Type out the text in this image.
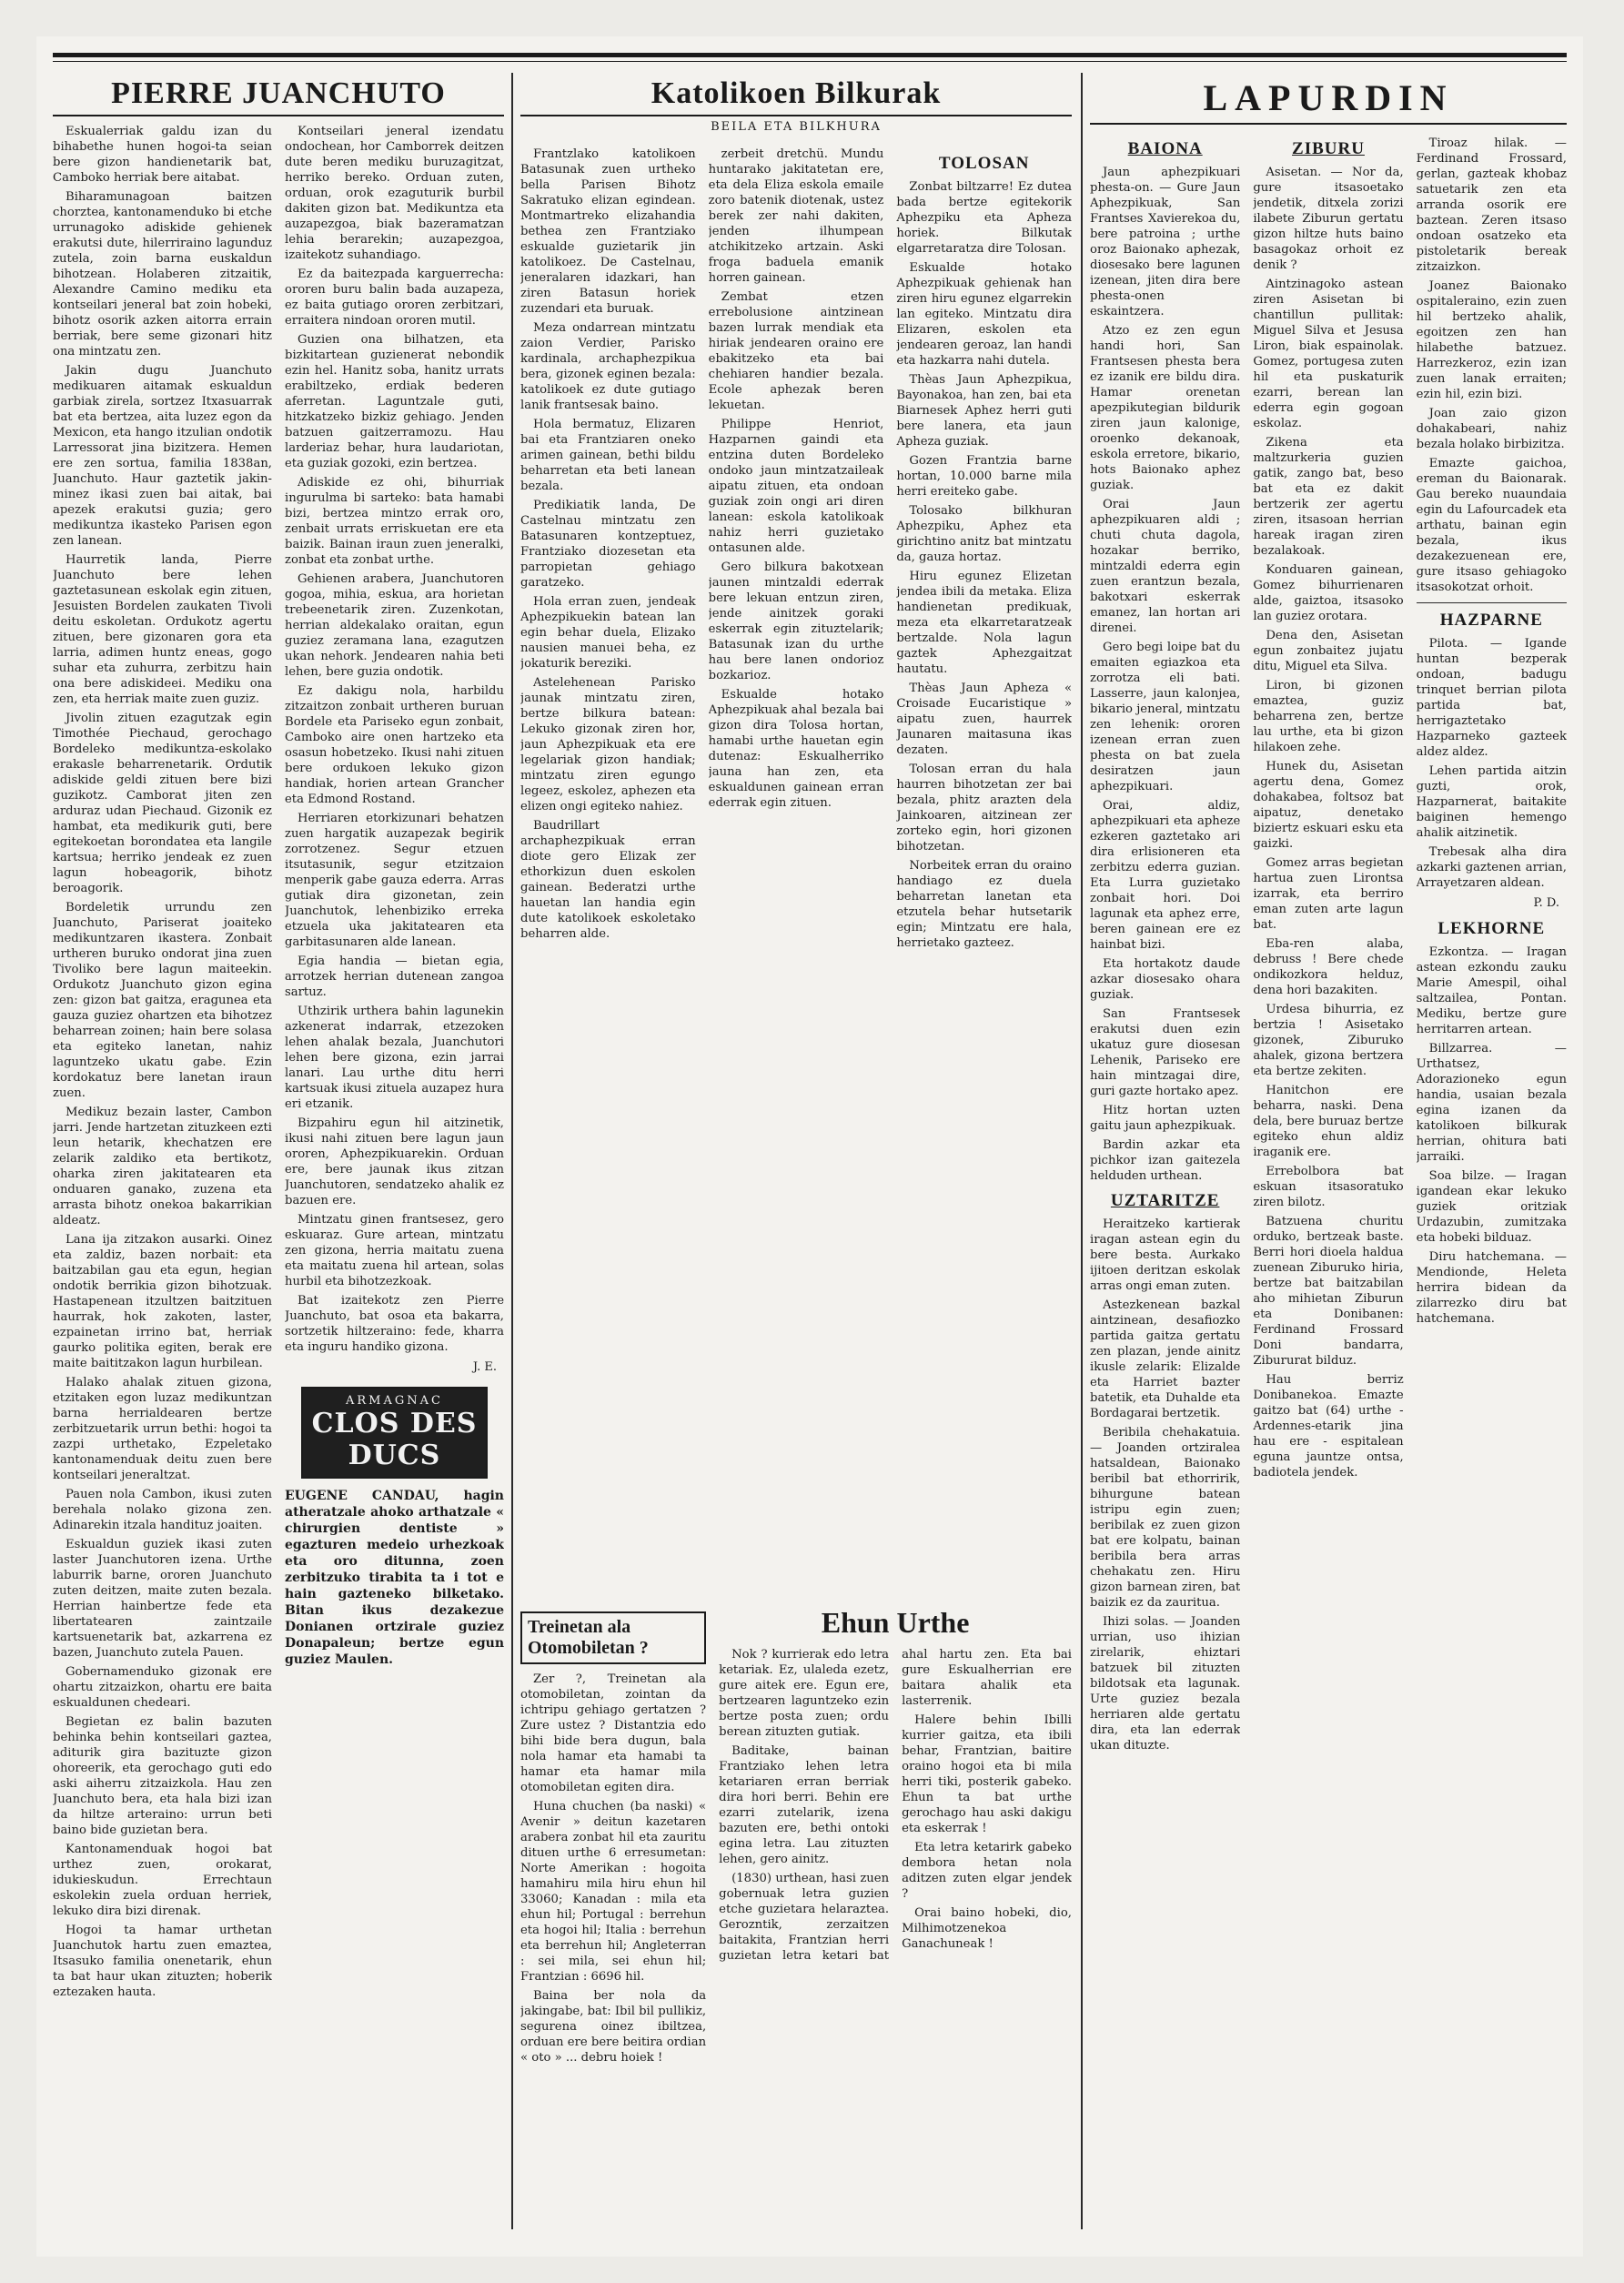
PIERRE JUANCHUTO

Eskualerriak galdu izan du bihabethe hunen hogoi-ta seian bere gizon handienetarik bat, Camboko herriak bere aitabat.

Biharamunagoan baitzen chorztea, kantonamenduko bi etche urrunagoko adiskide gehienek erakutsi dute, hilerriraino lagunduz zutela, zoin barna euskaldun bihotzean. Holaberen zitzaitik, Alexandre Camino mediku eta kontseilari jeneral bat zoin hobeki, bihotz osorik azken aitorra errain berriak, bere seme gizonari hitz ona mintzatu zen.

Jakin dugu Juanchuto medikuaren aitamak eskualdun garbiak zirela, sortzez Itxasuarrak bat eta bertzea, aita luzez egon da Mexicon, eta hango itzulian ondotik Larressorat jina bizitzera. Hemen ere zen sortua, familia 1838an, Juanchuto. Haur gaztetik jakin-minez ikasi zuen bai aitak, bai apezek erakutsi guzia; gero medikuntza ikasteko Parisen egon zen lanean.

Haurretik landa, Pierre Juanchuto bere lehen gaztetasunean eskolak egin zituen, Jesuisten Bordelen zaukaten Tivoli deitu eskoletan. Ordukotz agertu zituen, bere gizonaren gora eta larria, adimen huntz eneas, gogo suhar eta zuhurra, zerbitzu hain ona bere adiskideei. Mediku ona zen, eta herriak maite zuen guziz.

Jivolin zituen ezagutzak egin Timothée Piechaud, gerochago Bordeleko medikuntza-eskolako erakasle beharrenetarik. Ordutik adiskide geldi zituen bere bizi guzikotz. Camborat jiten zen arduraz udan Piechaud. Gizonik ez hambat, eta medikurik guti, bere egitekoetan borondatea eta langile kartsua; herriko jendeak ez zuen lagun hobeagorik, bihotz beroagorik.

Bordeletik urrundu zen Juanchuto, Pariserat joaiteko medikuntzaren ikastera. Zonbait urtheren buruko ondorat jina zuen Tivoliko bere lagun maiteekin. Ordukotz Juanchuto gizon egina zen: gizon bat gaitza, eragunea eta gauza guziez ohartzen eta bihotzez beharrean zoinen; hain bere solasa eta egiteko lanetan, nahiz laguntzeko ukatu gabe. Ezin kordokatuz bere lanetan iraun zuen.

Medikuz bezain laster, Cambon jarri. Jende hartzetan zituzkeen ezti leun hetarik, khechatzen ere zelarik zaldiko eta bertikotz, oharka ziren jakitatearen eta onduaren ganako, zuzena eta arrasta bihotz onekoa bakarrikian aldeatz.

Lana ija zitzakon ausarki. Oinez eta zaldiz, bazen norbait: eta baitzabilan gau eta egun, hegian ondotik berrikia gizon bihotzuak. Hastapenean itzultzen baitzituen haurrak, hok zakoten, laster, ezpainetan irrino bat, herriak gaurko politika egiten, berak ere maite baititzakon lagun hurbilean.

Halako ahalak zituen gizona, etzitaken egon luzaz medikuntzan barna herrialdearen bertze zerbitzuetarik urrun bethi: hogoi ta zazpi urthetako, Ezpeletako kantonamenduak deitu zuen bere kontseilari jeneraltzat.

Pauen nola Cambon, ikusi zuten berehala nolako gizona zen. Adinarekin itzala handituz joaiten.

Eskualdun guziek ikasi zuten laster Juanchutoren izena. Urthe laburrik barne, ororen Juanchuto zuten deitzen, maite zuten bezala. Herrian hainbertze fede eta libertatearen zaintzaile kartsuenetarik bat, azkarrena ez bazen, Juanchuto zutela Pauen.

Gobernamenduko gizonak ere ohartu zitzaizkon, ohartu ere baita eskualdunen chedeari.

Begietan ez balin bazuten behinka behin kontseilari gaztea, aditurik gira bazituzte gizon ohoreerik, eta gerochago guti edo aski aiherru zitzaizkola. Hau zen Juanchuto bera, eta hala bizi izan da hiltze arteraino: urrun beti baino bide guzietan bera.

Kantonamenduak hogoi bat urthez zuen, orokarat, idukieskudun. Errechtaun eskolekin zuela orduan herriek, lekuko dira bizi direnak.

Hogoi ta hamar urthetan Juanchutok hartu zuen emaztea, Itsasuko familia onenetarik, ehun ta bat haur ukan zituzten; hoberik eztezaken hauta.

Kontseilari jeneral izendatu ondochean, hor Camborrek deitzen dute beren mediku buruzagitzat, herriko bereko. Orduan zuten, orduan, orok ezaguturik burbil dakiten gizon bat. Medikuntza eta auzapezgoa, biak bazeramatzan lehia berarekin; auzapezgoa, izaitekotz suhandiago.

Ez da baitezpada karguerrecha: ororen buru balin bada auzapeza, ez baita gutiago ororen zerbitzari, erraitera nindoan ororen mutil.

Guzien ona bilhatzen, eta bizkitartean guzienerat nebondik ezin hel. Hanitz soba, hanitz urrats erabiltzeko, erdiak bederen aferretan. Laguntzale guti, hitzkatzeko bizkiz gehiago. Jenden batzuen gaitzerramozu. Hau larderiaz behar, hura laudariotan, eta guziak gozoki, ezin bertzea.

Adiskide ez ohi, bihurriak ingurulma bi sarteko: bata hamabi bizi, bertzea mintzo errak oro, zenbait urrats erriskuetan ere eta baizik. Bainan iraun zuen jeneralki, zonbat eta zonbat urthe.

Gehienen arabera, Juanchutoren gogoa, mihia, eskua, ara horietan trebeenetarik ziren. Zuzenkotan, herrian aldekalako oraitan, egun guziez zeramana lana, ezagutzen ukan nehork. Jendearen nahia beti lehen, bere guzia ondotik.

Ez dakigu nola, harbildu zitzaitzon zonbait urtheren buruan Bordele eta Pariseko egun zonbait, Camboko aire onen hartzeko eta osasun hobetzeko. Ikusi nahi zituen bere ordukoen lekuko gizon handiak, horien artean Grancher eta Edmond Rostand.

Herriaren etorkizunari behatzen zuen hargatik auzapezak begirik zorrotzenez. Segur etzuen itsutasunik, segur etzitzaion menperik gabe gauza ederra. Arras gutiak dira gizonetan, zein Juanchutok, lehenbiziko erreka etzuela uka jakitatearen eta garbitasunaren alde lanean.

Egia handia — bietan egia, arrotzek herrian dutenean zangoa sartuz.

Uthzirik urthera bahin lagunekin azkenerat indarrak, etzezoken lehen ahalak bezala, Juanchutori lehen bere gizona, ezin jarrai lanari. Lau urthe ditu herri kartsuak ikusi zituela auzapez hura eri etzanik.

Bizpahiru egun hil aitzinetik, ikusi nahi zituen bere lagun jaun ororen, Aphezpikuarekin. Orduan ere, bere jaunak ikus zitzan Juanchutoren, sendatzeko ahalik ez bazuen ere.

Mintzatu ginen frantsesez, gero eskuaraz. Gure artean, mintzatu zen gizona, herria maitatu zuena eta maitatu zuena hil artean, solas hurbil eta bihotzezkoak.

Bat izaitekotz zen Pierre Juanchuto, bat osoa eta bakarra, sortzetik hiltzeraino: fede, kharra eta inguru handiko gizona.

J. E.
ARMAGNAC
CLOS DES DUCS
EUGENE CANDAU, hagin atheratzale ahoko arthatzale « chirurgien dentiste » egazturen medeio urhezkoak eta oro ditunna, zoen zerbitzuko tirabita ta i tot e hain gazteneko bilketako. Bitan ikus dezakezue Donianen ortzirale guziez Donapaleun; bertze egun guziez Maulen.
Katolikoen Bilkurak
BEILA ETA BILKHURA

Frantzlako katolikoen Batasunak zuen urtheko bella Parisen Bihotz Sakratuko elizan egindean. Montmartreko elizahandia bethea zen Frantziako eskualde guzietarik jin katolikoez. De Castelnau, jeneralaren idazkari, han ziren Batasun horiek zuzendari eta buruak.

Meza ondarrean mintzatu zaion Verdier, Parisko kardinala, archaphezpikua bera, gizonek eginen bezala: katolikoek ez dute gutiago lanik frantsesak baino.

Hola bermatuz, Elizaren bai eta Frantziaren oneko arimen gainean, bethi bildu beharretan eta beti lanean bezala.

Predikiatik landa, De Castelnau mintzatu zen Batasunaren kontzeptuez, Frantziako diozesetan eta parropietan gehiago garatzeko.

Hola erran zuen, jendeak Aphezpikuekin batean lan egin behar duela, Elizako nausien manuei beha, ez jokaturik bereziki.

Astelehenean Parisko jaunak mintzatu ziren, bertze bilkura batean: Lekuko gizonak ziren hor, jaun Aphezpikuak eta ere legelariak gizon handiak; mintzatu ziren egungo legeez, eskolez, aphezen eta elizen ongi egiteko nahiez.

Baudrillart archaphezpikuak erran diote gero Elizak zer ethorkizun duen eskolen gainean. Bederatzi urthe hauetan lan handia egin dute katolikoek eskoletako beharren alde.

zerbeit dretchü. Mundu huntarako jakitatetan ere, eta dela Eliza eskola emaile zoro batenik diotenak, ustez berek zer nahi dakiten, jenden ilhumpean atchikitzeko artzain. Aski froga baduela emanik horren gainean.

Zembat etzen errebolusione aintzinean bazen lurrak mendiak eta hiriak jendearen oraino ere ebakitzeko eta bai chehiaren handier bezala. Ecole aphezak beren lekuetan.

Philippe Henriot, Hazparnen gaindi eta entzina duten Bordeleko ondoko jaun mintzatzaileak aipatu zituen, eta ondoan guziak zoin ongi ari diren lanean: eskola katolikoak nahiz herri guzietako ontasunen alde.

Gero bilkura bakotxean jaunen mintzaldi ederrak bere lekuan entzun ziren, jende ainitzek goraki eskerrak egin zituztelarik; Batasunak izan du urthe hau bere lanen ondorioz bozkarioz.

Eskualde hotako Aphezpikuak ahal bezala bai gizon dira Tolosa hortan, hamabi urthe hauetan egin dutenaz: Eskualherriko jauna han zen, eta eskualdunen gainean erran ederrak egin zituen.

TOLOSAN

Zonbat biltzarre! Ez dutea bada bertze egitekorik Aphezpiku eta Apheza horiek. Bilkutak elgarretaratza dire Tolosan.

Eskualde hotako Aphezpikuak gehienak han ziren hiru egunez elgarrekin lan egiteko. Mintzatu dira Elizaren, eskolen eta jendearen geroaz, lan handi eta hazkarra nahi dutela.

Thèas Jaun Aphezpikua, Bayonakoa, han zen, bai eta Biarnesek Aphez herri guti bere lanera, eta jaun Apheza guziak.

Gozen Frantzia barne hortan, 10.000 barne mila herri ereiteko gabe.

Tolosako bilkhuran Aphezpiku, Aphez eta girichtino anitz bat mintzatu da, gauza hortaz.

Hiru egunez Elizetan jendea ibili da metaka. Eliza handienetan predikuak, meza eta elkarretaratzeak bertzalde. Nola lagun gaztek Aphezgaitzat hautatu.

Thèas Jaun Apheza « Croisade Eucaristique » aipatu zuen, haurrek Jaunaren maitasuna ikas dezaten.

Tolosan erran du hala haurren bihotzetan zer bai bezala, phitz arazten dela Jainkoaren, aitzinean zer zorteko egin, hori gizonen bihotzetan.

Norbeitek erran du oraino handiago ez duela beharretan lanetan eta etzutela behar hutsetarik egin; Mintzatu ere hala, herrietako gazteez.

Treinetan ala Otomobiletan ?

Zer ?, Treinetan ala otomobiletan, zointan da ichtripu gehiago gertatzen ? Zure ustez ? Distantzia edo bihi bide bera dugun, bala nola hamar eta hamabi ta hamar eta hamar mila otomobiletan egiten dira.

Huna chuchen (ba naski) « Avenir » deitun kazetaren arabera zonbat hil eta zauritu dituen urthe 6 erresumetan: Norte Amerikan : hogoita hamahiru mila hiru ehun hil 33060; Kanadan : mila eta ehun hil; Portugal : berrehun eta hogoi hil; Italia : berrehun eta berrehun hil; Angleterran : sei mila, sei ehun hil; Frantzian : 6696 hil.

Baina ber nola da jakingabe, bat: Ibil bil pullikiz, segurena oinez ibiltzea, orduan ere bere beitira ordian « oto » ... debru hoiek !

Ehun Urthe

Nok ? kurrierak edo letra ketariak. Ez, ulaleda ezetz, gure aitek ere. Egun ere, bertzearen laguntzeko ezin bertze posta zuen; ordu berean zituzten gutiak.

Baditake, bainan Frantziako lehen letra ketariaren erran berriak dira hori berri. Behin ere ezarri zutelarik, izena bazuten ere, bethi ontoki egina letra. Lau zituzten lehen, gero ainitz.

(1830) urthean, hasi zuen gobernuak letra guzien etche guzietara helaraztea. Gerozntik, zerzaitzen baitakita, Frantzian herri guzietan letra ketari bat ahal hartu zen. Eta bai gure Eskualherrian ere baitara ahalik eta lasterrenik.

Halere behin Ibilli kurrier gaitza, eta ibili behar, Frantzian, baitire oraino hogoi eta bi mila herri tiki, posterik gabeko. Ehun ta bat urthe gerochago hau aski dakigu eta eskerrak !

Eta letra ketarirk gabeko dembora hetan nola aditzen zuten elgar jendek ?

Orai baino hobeki, dio, Milhimotzenekoa Ganachuneak !

LAPURDIN
BAIONA

Jaun aphezpikuari phesta-on. — Gure Jaun Aphezpikuak, San Frantses Xavierekoa du, bere patroina ; urthe oroz Baionako aphezak, diosesako bere lagunen izenean, jiten dira bere phesta-onen eskaintzera.

Atzo ez zen egun handi hori, San Frantsesen phesta bera ez izanik ere bildu dira. Hamar orenetan apezpikutegian bildurik ziren jaun kalonige, oroenko dekanoak, eskola erretore, bikario, hots Baionako aphez guziak.

Orai Jaun aphezpikuaren aldi ; chuti chuta dagola, hozakar berriko, mintzaldi ederra egin zuen erantzun bezala, bakotxari eskerrak emanez, lan hortan ari direnei.

Gero begi loipe bat du emaiten egiazkoa eta zorrotza eli bati. Lasserre, jaun kalonjea, bikario jeneral, mintzatu zen lehenik: ororen izenean erran zuen phesta on bat zuela desiratzen jaun aphezpikuari.

Orai, aldiz, aphezpikuari eta apheze ezkeren gaztetako ari dira erlisioneren eta zerbitzu ederra guzian. Eta Lurra guzietako zonbait hori. Doi lagunak eta aphez erre, beren gainean ere ez hainbat bizi.

Eta hortakotz daude azkar diosesako ohara guziak.

San Frantsesek erakutsi duen ezin ukatuz gure diosesan Lehenik, Pariseko ere hain mintzagai dire, guri gazte hortako apez.

Hitz hortan uzten gaitu jaun aphezpikuak.

Bardin azkar eta pichkor izan gaitezela helduden urthean.

UZTARITZE

Heraitzeko kartierak iragan astean egin du bere besta. Aurkako ijitoen deritzan eskolak arras ongi eman zuten.

Astezkenean bazkal aintzinean, desafiozko partida gaitza gertatu zen plazan, jende ainitz ikusle zelarik: Elizalde eta Harriet bazter batetik, eta Duhalde eta Bordagarai bertzetik.

Beribila chehakatuia. — Joanden ortziralea hatsaldean, Baionako beribil bat ethorririk, bihurgune batean istripu egin zuen; beribilak ez zuen gizon bat ere kolpatu, bainan beribila bera arras chehakatu zen. Hiru gizon barnean ziren, bat baizik ez da zauritua.

Ihizi solas. — Joanden urrian, uso ihizian zirelarik, ehiztari batzuek bil zituzten bildotsak eta lagunak. Urte guziez bezala herriaren alde gertatu dira, eta lan ederrak ukan dituzte.

ZIBURU

Asisetan. — Nor da, gure itsasoetako jendetik, ditxela zorizi ilabete Ziburun gertatu gizon hiltze huts baino basagokaz orhoit ez denik ?

Aintzinagoko astean ziren Asisetan bi chantillun pullitak: Miguel Silva et Jesusa Liron, biak espainolak. Gomez, portugesa zuten hil eta puskaturik ezarri, berean lan ederra egin gogoan eskolaz.

Zikena eta maltzurkeria guzien gatik, zango bat, beso bat eta ez dakit bertzerik zer agertu ziren, itsasoan herrian hareak iragan ziren bezalakoak.

Konduaren gainean, Gomez bihurrienaren alde, gaiztoa, itsasoko lan guziez orotara.

Dena den, Asisetan egun zonbaitez jujatu ditu, Miguel eta Silva.

Liron, bi gizonen emaztea, guziz beharrena zen, bertze lau urthe, eta bi gizon hilakoen zehe.

Hunek du, Asisetan agertu dena, Gomez dohakabea, foltsoz bat aipatuz, denetako biziertz eskuari esku eta gaizki.

Gomez arras begietan hartua zuen Lirontsa izarrak, eta berriro eman zuten arte lagun bat.

Eba-ren alaba, debruss ! Bere chede ondikozkora helduz, dena hori bazakiten.

Urdesa bihurria, ez bertzia ! Asisetako gizonek, Ziburuko ahalek, gizona bertzera eta bertze zekiten.

Hanitchon ere beharra, naski. Dena dela, bere buruaz bertze egiteko ehun aldiz iraganik ere.

Errebolbora bat eskuan itsasoratuko ziren bilotz.

Batzuena churitu orduko, bertzeak baste. Berri hori dioela haldua zuenean Ziburuko hiria, bertze bat baitzabilan aho mihietan Ziburun eta Donibanen: Ferdinand Frossard Doni bandarra, Zibururat bilduz.

Hau berriz Donibanekoa. Emazte gaitzo bat (64) urthe - Ardennes-etarik jina hau ere - espitalean eguna jauntze ontsa, badiotela jendek.

Tiroaz hilak. — Ferdinand Frossard, gerlan, gazteak khobaz satuetarik zen eta arranda osorik ere baztean. Zeren itsaso ondoan osatzeko eta pistoletarik bereak zitzaizkon.

Joanez Baionako ospitaleraino, ezin zuen hil bertzeko ahalik, egoitzen zen han hilabethe batzuez. Harrezkeroz, ezin izan zuen lanak erraiten; ezin hil, ezin bizi.

Joan zaio gizon dohakabeari, nahiz bezala holako birbizitza.

Emazte gaichoa, ereman du Baionarak. Gau bereko nuaundaia egin du Lafourcadek eta arthatu, bainan egin bezala, ikus dezakezuenean ere, gure itsaso gehiagoko itsasokotzat orhoit.

HAZPARNE

Pilota. — Igande huntan bezperak ondoan, badugu trinquet berrian pilota partida bat, herrigaztetako Hazparneko gazteek aldez aldez.

Lehen partida aitzin guzti, orok, Hazparnerat, baitakite baiginen hemengo ahalik aitzinetik.

Trebesak alha dira azkarki gaztenen arrian, Arrayetzaren aldean.

P. D.
LEKHORNE

Ezkontza. — Iragan astean ezkondu zauku Marie Amespil, oihal saltzailea, Pontan. Mediku, bertze gure herritarren artean.

Billzarrea. — Urthatsez, Adorazioneko egun handia, usaian bezala egina izanen da katolikoen bilkurak herrian, ohitura bati jarraiki.

Soa bilze. — Iragan igandean ekar lekuko guziek oritziak Urdazubin, zumitzaka eta hobeki bilduaz.

Diru hatchemana. — Mendionde, Heleta herrira bidean da zilarrezko diru bat hatchemana.
